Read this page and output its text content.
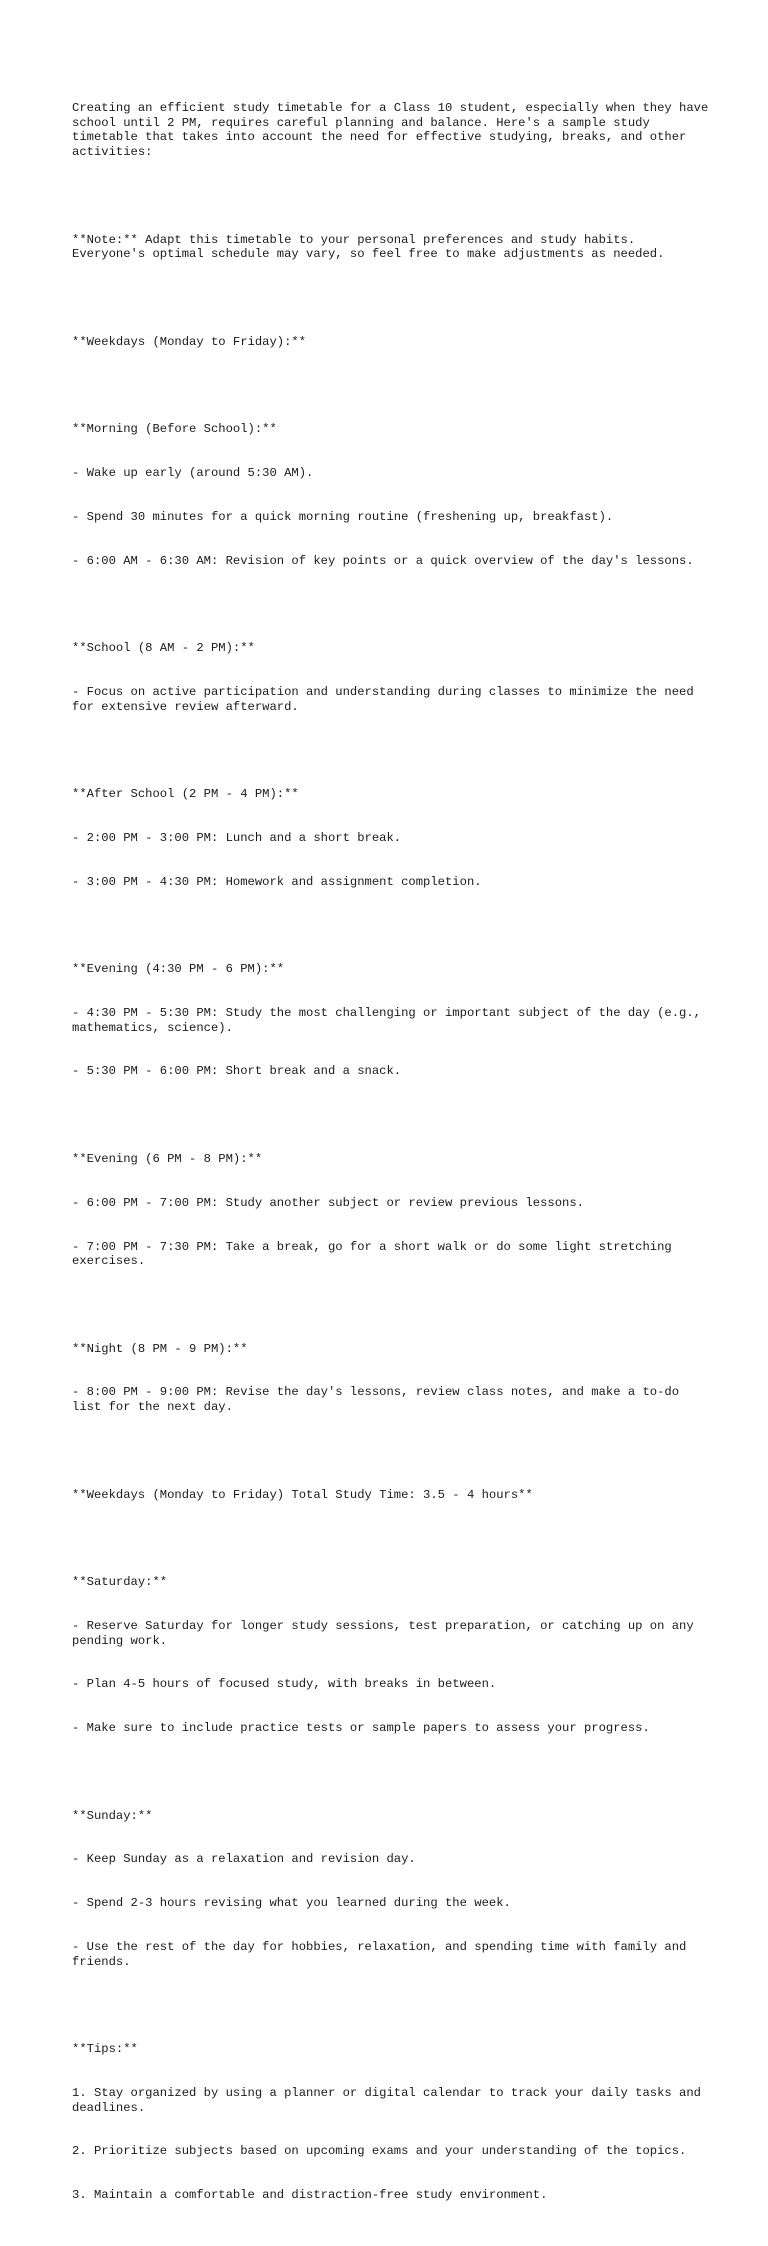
Creating an efficient study timetable for a Class 10 student, especially when they have school until 2 PM, requires careful planning and balance. Here's a sample study timetable that takes into account the need for effective studying, breaks, and other activities:

**Note:** Adapt this timetable to your personal preferences and study habits. Everyone's optimal schedule may vary, so feel free to make adjustments as needed.

**Weekdays (Monday to Friday):**

**Morning (Before School):**

- Wake up early (around 5:30 AM).

- Spend 30 minutes for a quick morning routine (freshening up, breakfast).

- 6:00 AM - 6:30 AM: Revision of key points or a quick overview of the day's lessons.

**School (8 AM - 2 PM):**

- Focus on active participation and understanding during classes to minimize the need for extensive review afterward.

**After School (2 PM - 4 PM):**

- 2:00 PM - 3:00 PM: Lunch and a short break.

- 3:00 PM - 4:30 PM: Homework and assignment completion.

**Evening (4:30 PM - 6 PM):**

- 4:30 PM - 5:30 PM: Study the most challenging or important subject of the day (e.g., mathematics, science).

- 5:30 PM - 6:00 PM: Short break and a snack.

**Evening (6 PM - 8 PM):**

- 6:00 PM - 7:00 PM: Study another subject or review previous lessons.

- 7:00 PM - 7:30 PM: Take a break, go for a short walk or do some light stretching exercises.

**Night (8 PM - 9 PM):**

- 8:00 PM - 9:00 PM: Revise the day's lessons, review class notes, and make a to-do list for the next day.

**Weekdays (Monday to Friday) Total Study Time: 3.5 - 4 hours**

**Saturday:**

- Reserve Saturday for longer study sessions, test preparation, or catching up on any pending work.

- Plan 4-5 hours of focused study, with breaks in between.

- Make sure to include practice tests or sample papers to assess your progress.

**Sunday:**

- Keep Sunday as a relaxation and revision day.

- Spend 2-3 hours revising what you learned during the week.

- Use the rest of the day for hobbies, relaxation, and spending time with family and friends.

**Tips:**

1. Stay organized by using a planner or digital calendar to track your daily tasks and deadlines.

2. Prioritize subjects based on upcoming exams and your understanding of the topics.

3. Maintain a comfortable and distraction-free study environment.
